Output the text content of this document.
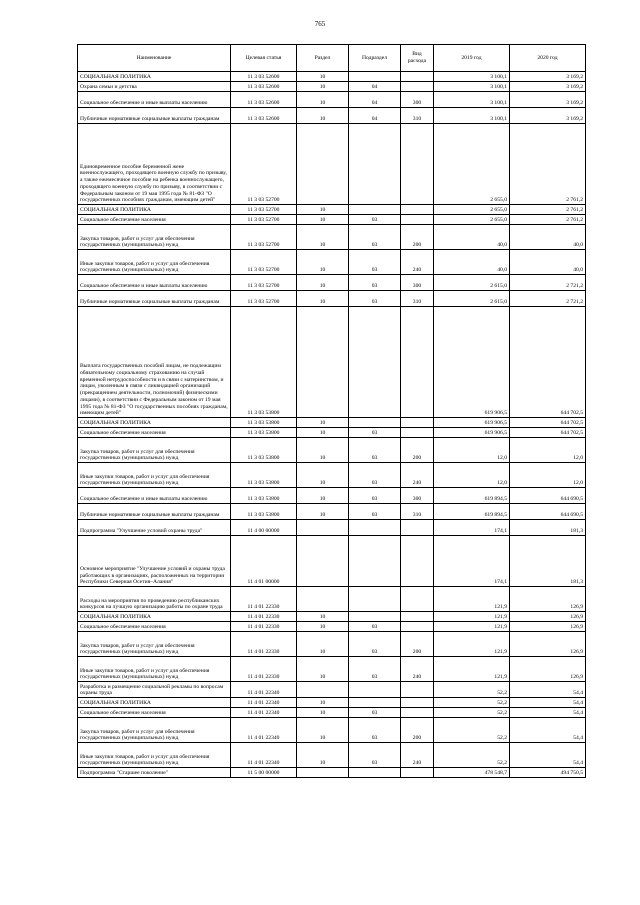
765
Наименование	Целевая статья	Раздел	Подраздел	Вид расхода	2019 год	2020 год
СОЦИАЛЬНАЯ ПОЛИТИКА	11 3 03 52600	10			3 100,1	3 169,2
Охрана семьи и детства	11 3 03 52600	10	04		3 100,1	3 169,2
Социальное обеспечение и иные выплаты населению	11 3 03 52600	10	04	300	3 100,1	3 169,2
Публичные нормативные социальные выплаты гражданам	11 3 03 52600	10	04	310	3 100,1	3 169,2
Единовременное пособие беременной жене военнослужащего, проходящего военную службу по призыву, а также ежемесячное пособие на ребенка военнослужащего, проходящего военную службу по призыву, в соответствии с Федеральным законом от 19 мая 1995 года № 81-ФЗ "О государственных пособиях гражданам, имеющим детей"	11 3 03 52700				2 655,0	2 761,2
СОЦИАЛЬНАЯ ПОЛИТИКА	11 3 03 52700	10			2 655,0	2 761,2
Социальное обеспечение населения	11 3 03 52700	10	03		2 655,0	2 761,2
Закупка товаров, работ и услуг для обеспечения государственных (муниципальных) нужд	11 3 03 52700	10	03	200	40,0	40,0
Иные закупки товаров, работ и услуг для обеспечения государственных (муниципальных) нужд	11 3 03 52700	10	03	240	40,0	40,0
Социальное обеспечение и иные выплаты населению	11 3 03 52700	10	03	300	2 615,0	2 721,2
Публичные нормативные социальные выплаты гражданам	11 3 03 52700	10	03	310	2 615,0	2 721,2
Выплата государственных пособий лицам, не подлежащим обязательному социальному страхованию на случай временной нетрудоспособности и в связи с материнством, и лицам, уволенным в связи с ликвидацией организаций (прекращением деятельности, полномочий) физическими лицами), в соответствии с Федеральным законом от 19 мая 1995 года № 81-ФЗ "О государственных пособиях гражданам, имеющим детей"	11 3 03 53800				619 906,5	644 702,5
СОЦИАЛЬНАЯ ПОЛИТИКА	11 3 03 53800	10			619 906,5	644 702,5
Социальное обеспечение населения	11 3 03 53800	10	03		619 906,5	644 702,5
Закупка товаров, работ и услуг для обеспечения государственных (муниципальных) нужд	11 3 03 53800	10	03	200	12,0	12,0
Иные закупки товаров, работ и услуг для обеспечения государственных (муниципальных) нужд	11 3 03 53800	10	03	240	12,0	12,0
Социальное обеспечение и иные выплаты населению	11 3 03 53800	10	03	300	619 894,5	644 690,5
Публичные нормативные социальные выплаты гражданам	11 3 03 53800	10	03	310	619 894,5	644 690,5
Подпрограмма "Улучшение условий охраны труда"	11 4 00 00000				174,1	181,3
Основное мероприятие "Улучшение условий и охраны труда работающих в организациях, расположенных на территории Республики Северная Осетия–Алания"	11 4 01 00000				174,1	181,3
Расходы на мероприятия по проведению республиканских конкурсов на лучшую организацию работы по охране труда	11 4 01 22330				121,9	126,9
СОЦИАЛЬНАЯ ПОЛИТИКА	11 4 01 22330	10			121,9	126,9
Социальное обеспечение населения	11 4 01 22330	10	03		121,9	126,9
Закупка товаров, работ и услуг для обеспечения государственных (муниципальных) нужд	11 4 01 22330	10	03	200	121,9	126,9
Иные закупки товаров, работ и услуг для обеспечения государственных (муниципальных) нужд	11 4 01 22330	10	03	240	121,9	126,9
Разработка и размещение социальной рекламы по вопросам охраны труда	11 4 01 22340				52,2	54,4
СОЦИАЛЬНАЯ ПОЛИТИКА	11 4 01 22340	10			52,2	54,4
Социальное обеспечение населения	11 4 01 22340	10	03		52,2	54,4
Закупка товаров, работ и услуг для обеспечения государственных (муниципальных) нужд	11 4 01 22340	10	03	200	52,2	54,4
Иные закупки товаров, работ и услуг для обеспечения государственных (муниципальных) нужд	11 4 01 22340	10	03	240	52,2	54,4
Подпрограмма "Старшее поколение"	11 5 00 00000				478 548,7	494 750,5
